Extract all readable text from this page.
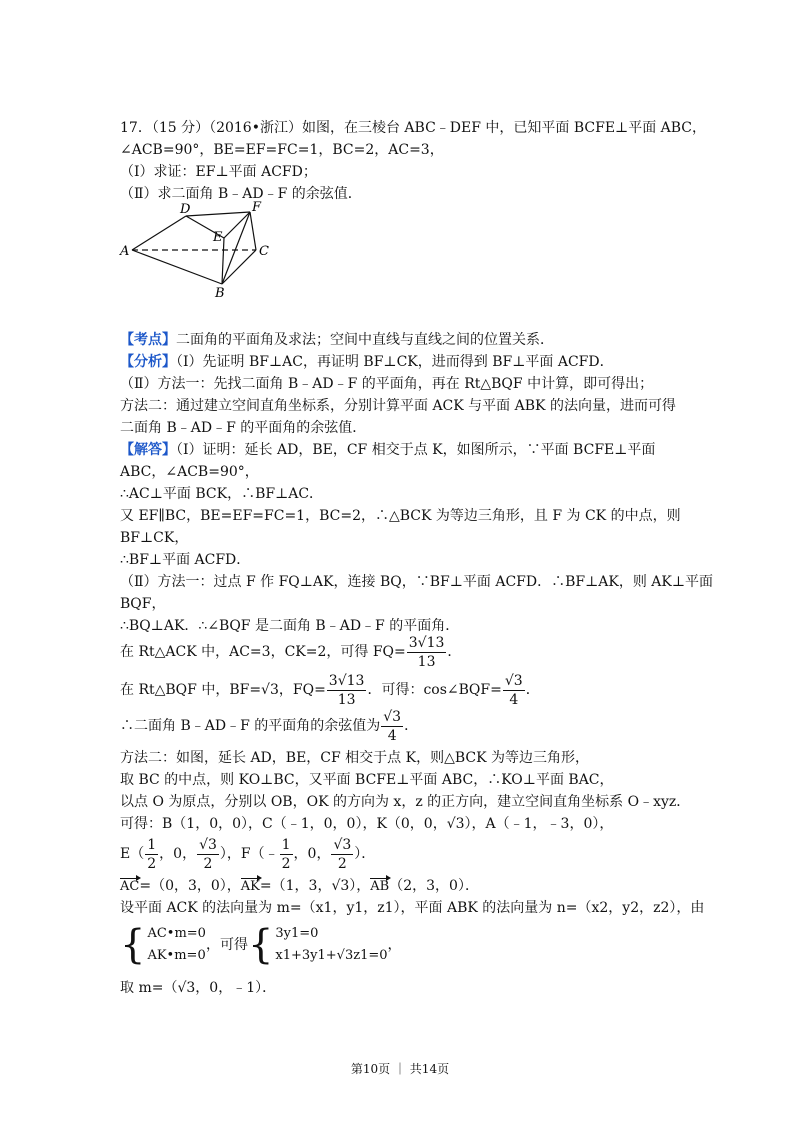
17．（15 分）（2016•浙江）如图，在三棱台 ABC﹣DEF 中，已知平面 BCFE⊥平面 ABC，
∠ACB=90°，BE=EF=FC=1，BC=2，AC=3，
（Ⅰ）求证：EF⊥平面 ACFD；
（Ⅱ）求二面角 B﹣AD﹣F 的余弦值．
A
B
C
D
E
F
【考点】二面角的平面角及求法；空间中直线与直线之间的位置关系．
【分析】（Ⅰ）先证明 BF⊥AC，再证明 BF⊥CK，进而得到 BF⊥平面 ACFD．
（Ⅱ）方法一：先找二面角 B﹣AD﹣F 的平面角，再在 Rt△BQF 中计算，即可得出；
方法二：通过建立空间直角坐标系，分别计算平面 ACK 与平面 ABK 的法向量，进而可得
二面角 B﹣AD﹣F 的平面角的余弦值．
【解答】（Ⅰ）证明：延长 AD，BE，CF 相交于点 K，如图所示，∵平面 BCFE⊥平面
ABC，∠ACB=90°，
∴AC⊥平面 BCK，∴BF⊥AC．
又 EF∥BC，BE=EF=FC=1，BC=2，∴△BCK 为等边三角形，且 F 为 CK 的中点，则
BF⊥CK，
∴BF⊥平面 ACFD．
（Ⅱ）方法一：过点 F 作 FQ⊥AK，连接 BQ，∵BF⊥平面 ACFD．∴BF⊥AK，则 AK⊥平面
BQF，
∴BQ⊥AK．∴∠BQF 是二面角 B﹣AD﹣F 的平面角．
在 Rt△ACK 中，AC=3，CK=2，可得 $FQ= \frac{3√13}{13}$ ．
在 Rt△BQF 中，BF=√3，$FQ= \frac{3√13}{13}$ ．可得：cos∠BQF= $\frac{√3}{4}$ ．
∴二面角 B﹣AD﹣F 的平面角的余弦值为 $\frac{√3}{4}$ ．
方法二：如图，延长 AD，BE，CF 相交于点 K，则△BCK 为等边三角形，
取 BC 的中点，则 KO⊥BC，又平面 BCFE⊥平面 ABC，∴KO⊥平面 BAC，
以点 O 为原点，分别以 OB，OK 的方向为 x，z 的正方向，建立空间直角坐标系 O﹣xyz．
可得：B（1，0，0），C（﹣1，0，0），K（0，0，√3），A（﹣1，﹣3，0），
$E( \frac{1}{2}$ ，0， $\frac{√3}{2}$ ），F（﹣ $\frac{1}{2}$ ，0， $\frac{√3}{2}$ ）．
AC=（0，3，0），AK=（1，3，√3），AB（2，3，0）．
设平面 ACK 的法向量为 m=（x1，y1，z1），平面 ABK 的法向量为 n=（x2，y2，z2），由
{ AC•m=0
AK•m=0
，可得{ 3y1=0
x1+3y1+√3z1=0
，
取 m=（√3，0，﹣1）．
第10页 ｜ 共14页
